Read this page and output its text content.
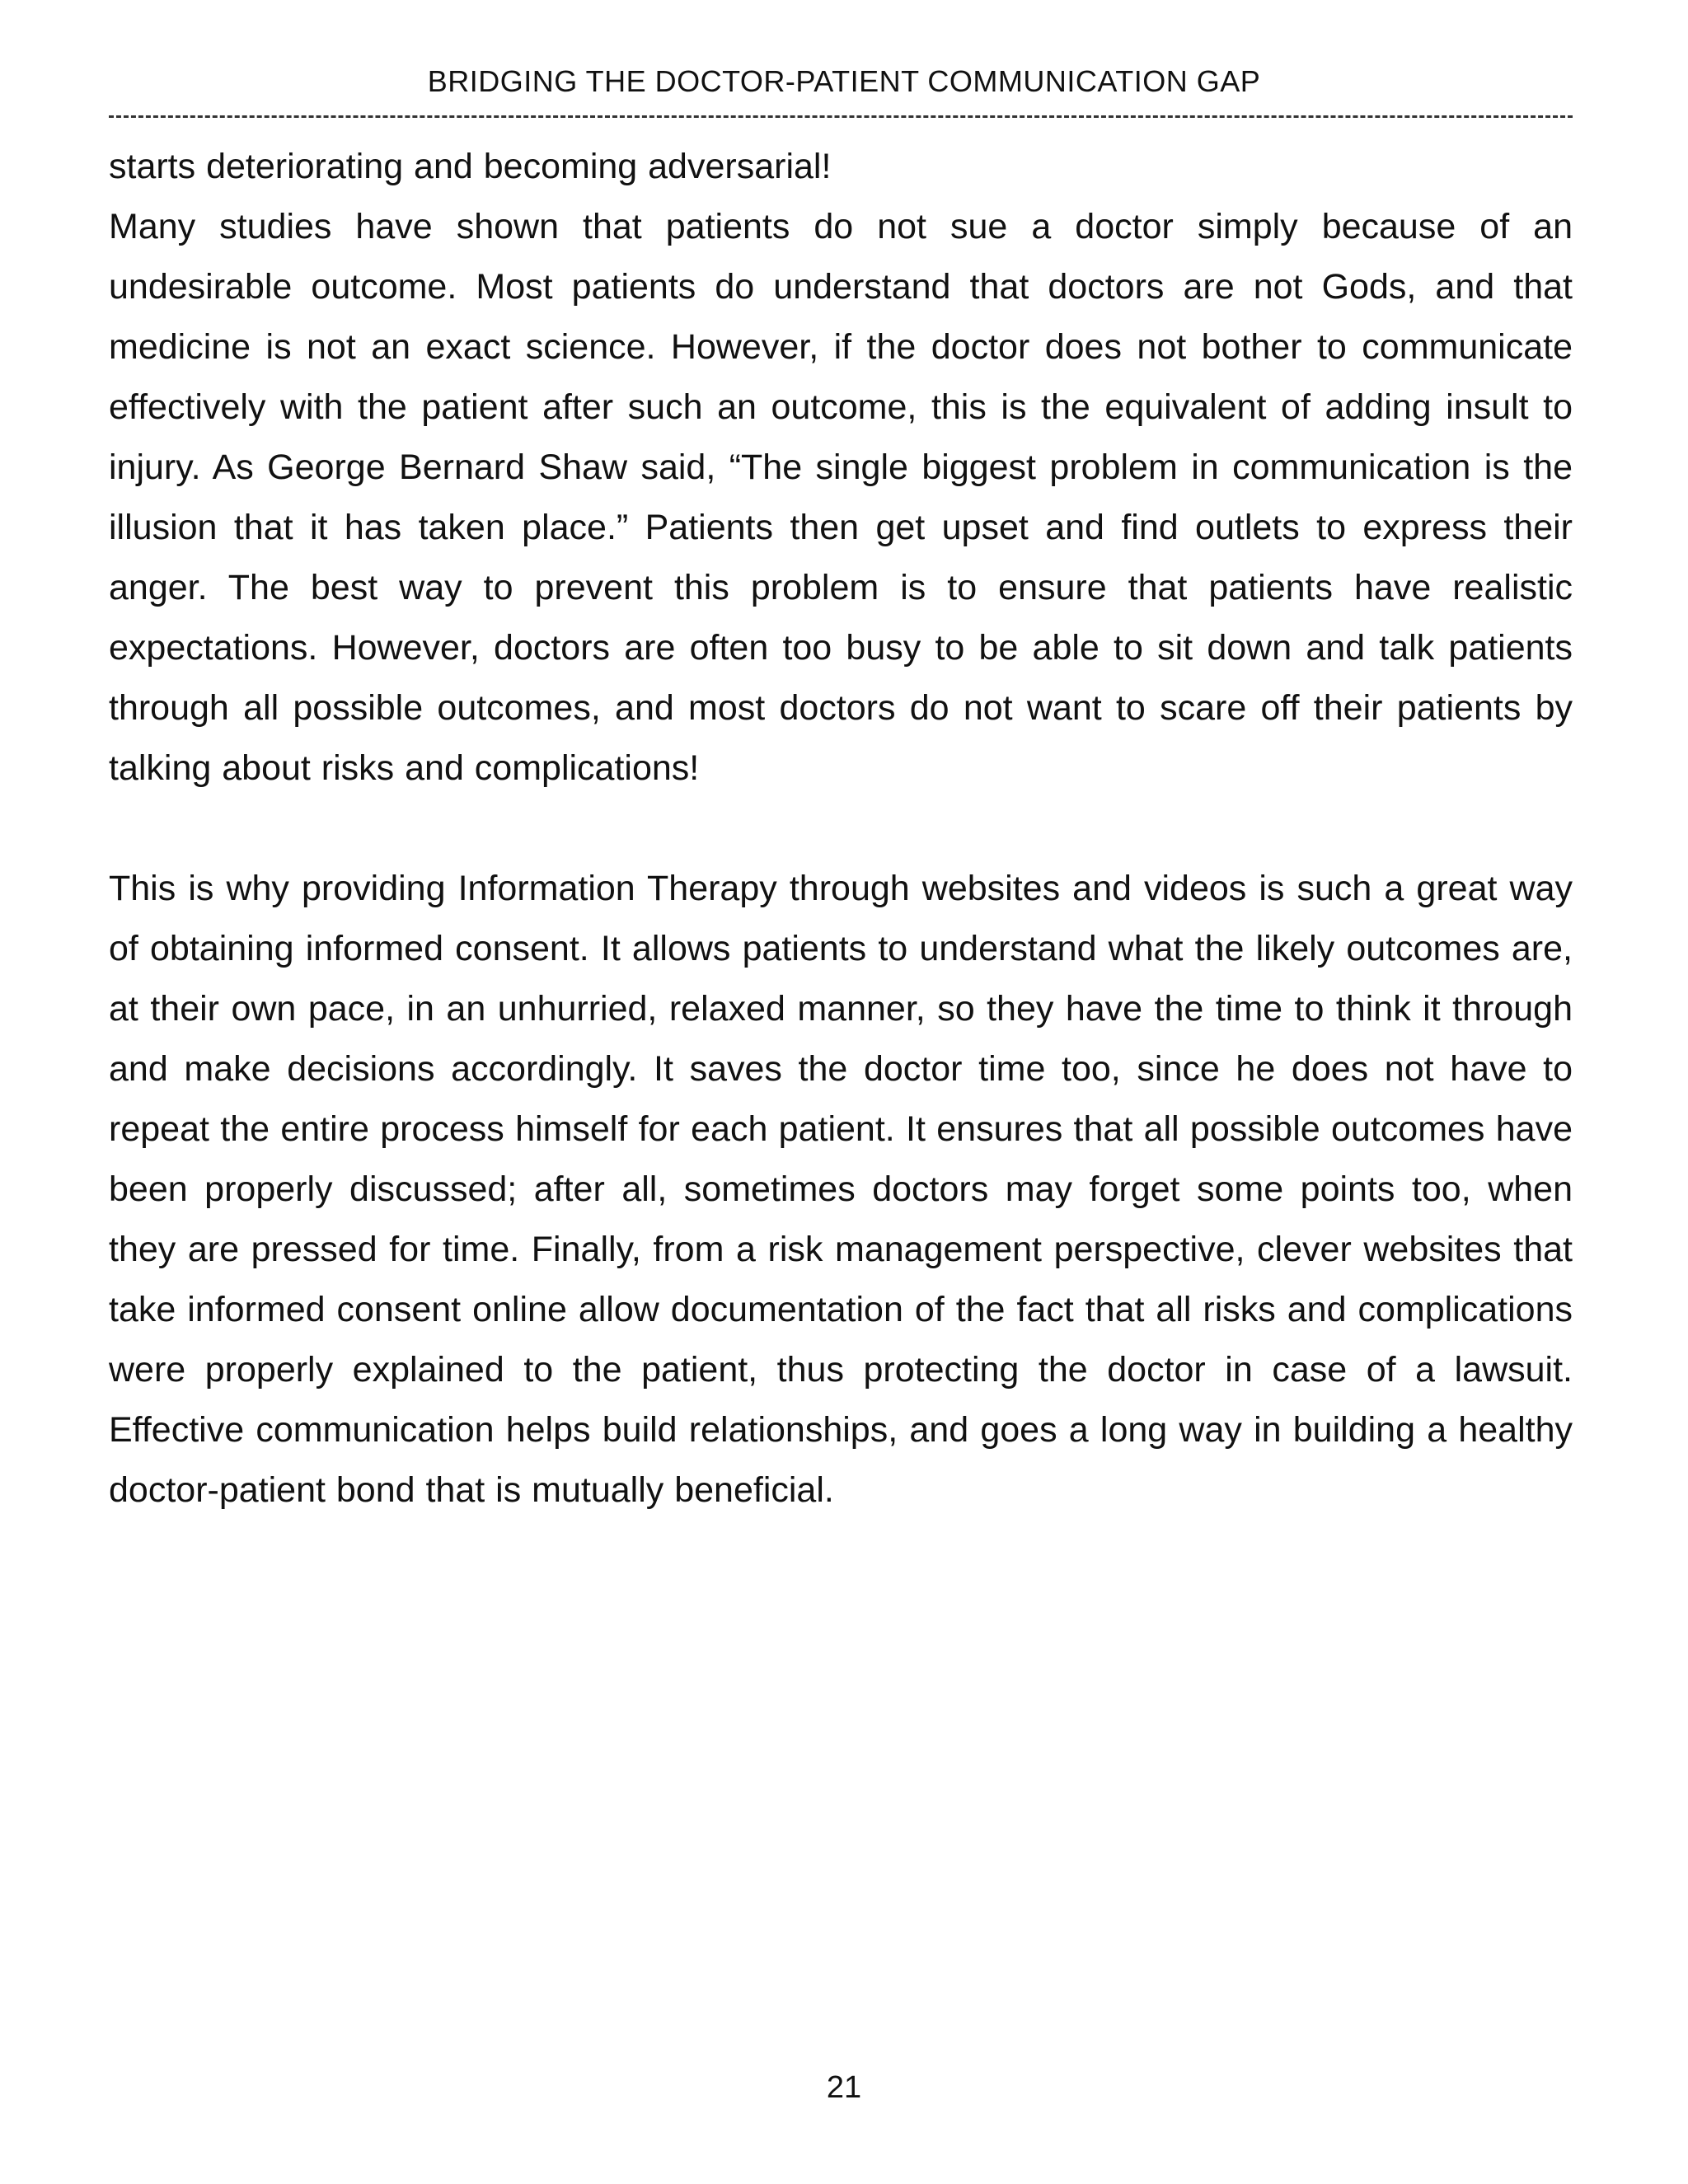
BRIDGING THE DOCTOR-PATIENT COMMUNICATION GAP

starts deteriorating and becoming adversarial!

Many studies have shown that patients do not sue a doctor simply because of an undesirable outcome. Most patients do understand that doctors are not Gods, and that medicine is not an exact science. However, if the doctor does not bother to communicate effectively with the patient after such an outcome, this is the equivalent of adding insult to injury. As George Bernard Shaw said, “The single biggest problem in communication is the illusion that it has taken place.” Patients then get upset and find outlets to express their anger. The best way to prevent this problem is to ensure that patients have realistic expectations. However, doctors are often too busy to be able to sit down and talk patients through all possible outcomes, and most doctors do not want to scare off their patients by talking about risks and complications!

This is why providing Information Therapy through websites and videos is such a great way of obtaining informed consent. It allows patients to understand what the likely outcomes are, at their own pace, in an unhurried, relaxed manner, so they have the time to think it through and make decisions accordingly. It saves the doctor time too, since he does not have to repeat the entire process himself for each patient. It ensures that all possible outcomes have been properly discussed; after all, sometimes doctors may forget some points too, when they are pressed for time. Finally, from a risk management perspective, clever websites that take informed consent online allow documentation of the fact that all risks and complications were properly explained to the patient, thus protecting the doctor in case of a lawsuit. Effective communication helps build relationships, and goes a long way in building a healthy doctor-patient bond that is mutually beneficial.

21
